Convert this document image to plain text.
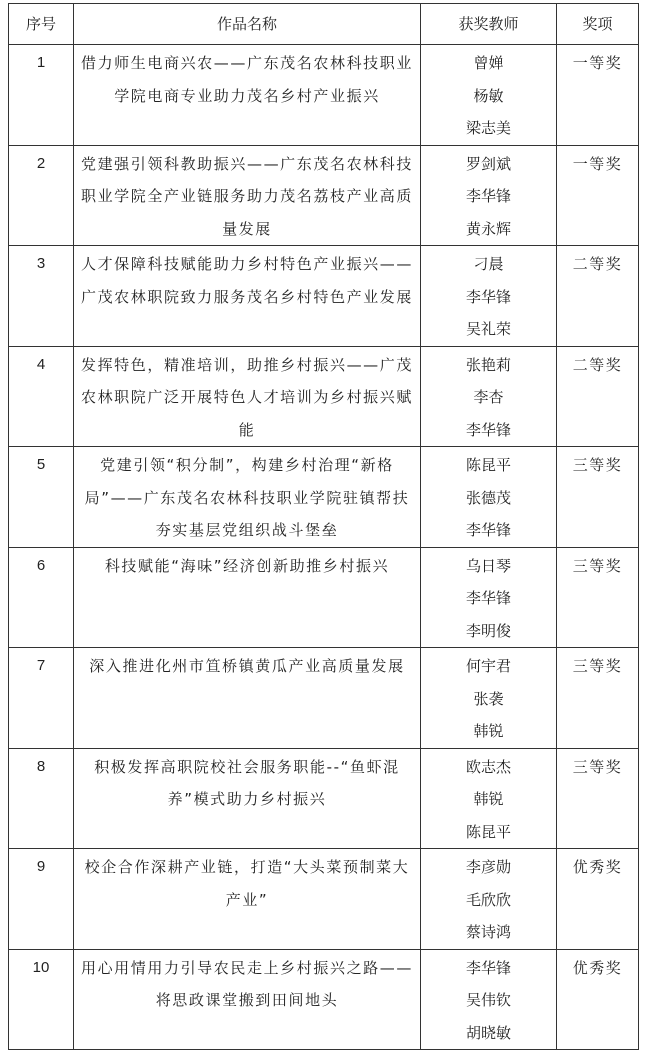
序号	作品名称	获奖教师	奖项
1	借力师生电商兴农——广东茂名农林科技职业学院电商专业助力茂名乡村产业振兴	曾婵
杨敏
梁志美	一等奖
2	党建强引领科教助振兴——广东茂名农林科技职业学院全产业链服务助力茂名荔枝产业高质量发展	罗剑斌
李华锋
黄永辉	一等奖
3	人才保障科技赋能助力乡村特色产业振兴——广茂农林职院致力服务茂名乡村特色产业发展	刁晨
李华锋
吴礼荣	二等奖
4	发挥特色，精准培训，助推乡村振兴——广茂农林职院广泛开展特色人才培训为乡村振兴赋能	张艳莉
李杏
李华锋	二等奖
5	党建引领“积分制”，构建乡村治理“新格局”——广东茂名农林科技职业学院驻镇帮扶夯实基层党组织战斗堡垒	陈昆平
张德茂
李华锋	三等奖
6	科技赋能“海味”经济创新助推乡村振兴	乌日琴
李华锋
李明俊	三等奖
7	深入推进化州市笪桥镇黄瓜产业高质量发展	何宇君
张袭
韩锐	三等奖
8	积极发挥高职院校社会服务职能--“鱼虾混养”模式助力乡村振兴	欧志杰
韩锐
陈昆平	三等奖
9	校企合作深耕产业链，打造“大头菜预制菜大产业”	李彦勋
毛欣欣
蔡诗鸿	优秀奖
10	用心用情用力引导农民走上乡村振兴之路——将思政课堂搬到田间地头	李华锋
吴伟钦
胡晓敏	优秀奖
